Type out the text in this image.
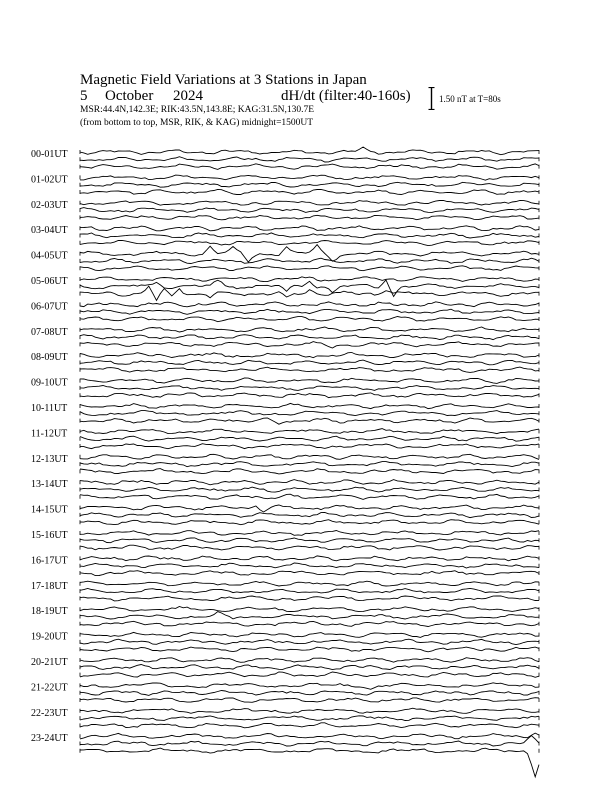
Magnetic Field Variations at 3 Stations in Japan
5 October 2024	dH/dt (filter:40-160s)
MSR:44.4N,142.3E; RIK:43.5N,143.8E; KAG:31.5N,130.7E
(from bottom to top, MSR, RIK, & KAG) midnight=1500UT
1.50 nT at T=80s
00-01UT
01-02UT
02-03UT
03-04UT
04-05UT
05-06UT
06-07UT
07-08UT
08-09UT
09-10UT
10-11UT
11-12UT
12-13UT
13-14UT
14-15UT
15-16UT
16-17UT
17-18UT
18-19UT
19-20UT
20-21UT
21-22UT
22-23UT
23-24UT
